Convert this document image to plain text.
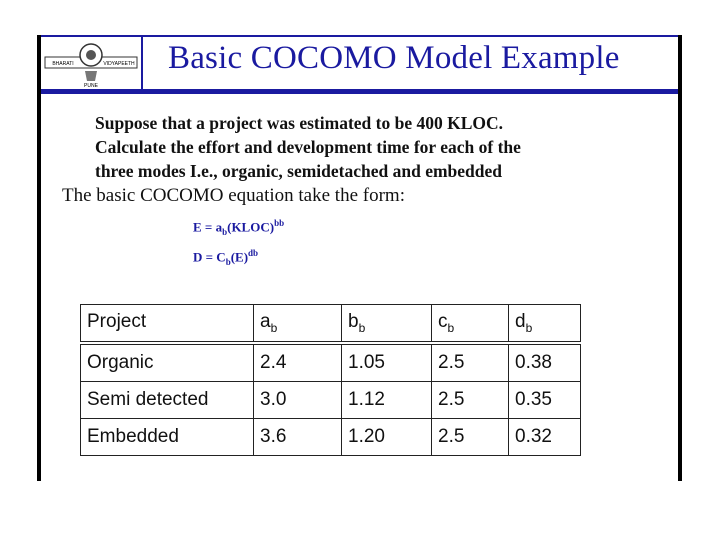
BHARATI	VIDYAPEETH
PUNE
Basic COCOMO Model Example
Suppose that a project was estimated to be 400 KLOC.
Calculate the effort and development time for each of the
three modes I.e., organic, semidetached and embedded
The basic COCOMO equation take the form:
$E = a_b(KLOC)^{bb}$
$D = C_b(E)^{db}$
Project	$a_b$	$b_b$	$c_b$	$d_b$
Organic	2.4	1.05	2.5	0.38
Semi detected	3.0	1.12	2.5	0.35
Embedded	3.6	1.20	2.5	0.32
